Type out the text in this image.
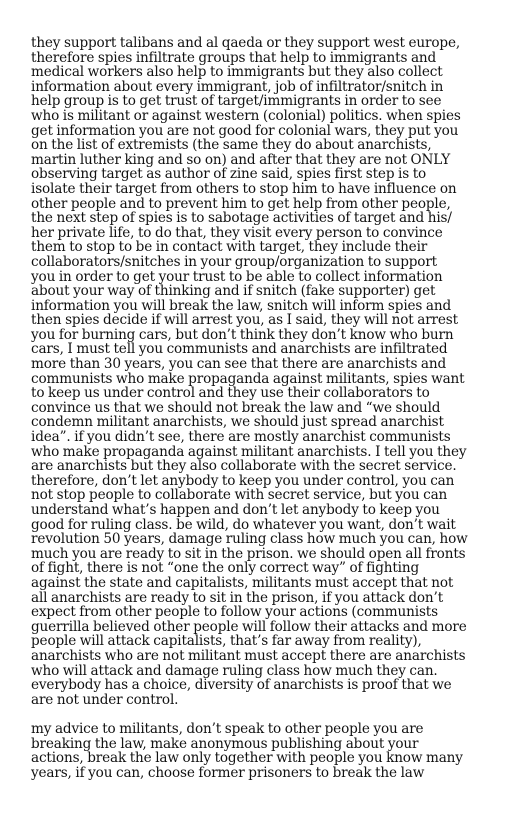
they support talibans and al qaeda or they support west europe,
therefore spies infiltrate groups that help to immigrants and
medical workers also help to immigrants but they also collect
information about every immigrant, job of infiltrator/snitch in
help group is to get trust of target/immigrants in order to see
who is militant or against western (colonial) politics. when spies
get information you are not good for colonial wars, they put you
on the list of extremists (the same they do about anarchists,
martin luther king and so on) and after that they are not ONLY
observing target as author of zine said, spies first step is to
isolate their target from others to stop him to have influence on
other people and to prevent him to get help from other people,
the next step of spies is to sabotage activities of target and his/
her private life, to do that, they visit every person to convince
them to stop to be in contact with target, they include their
collaborators/snitches in your group/organization to support
you in order to get your trust to be able to collect information
about your way of thinking and if snitch (fake supporter) get
information you will break the law, snitch will inform spies and
then spies decide if will arrest you, as I said, they will not arrest
you for burning cars, but don’t think they don’t know who burn
cars, I must tell you communists and anarchists are infiltrated
more than 30 years, you can see that there are anarchists and
communists who make propaganda against militants, spies want
to keep us under control and they use their collaborators to
convince us that we should not break the law and “we should
condemn militant anarchists, we should just spread anarchist
idea”. if you didn’t see, there are mostly anarchist communists
who make propaganda against militant anarchists. I tell you they
are anarchists but they also collaborate with the secret service.
therefore, don’t let anybody to keep you under control, you can
not stop people to collaborate with secret service, but you can
understand what’s happen and don’t let anybody to keep you
good for ruling class. be wild, do whatever you want, don’t wait
revolution 50 years, damage ruling class how much you can, how
much you are ready to sit in the prison. we should open all fronts
of fight, there is not “one the only correct way” of fighting
against the state and capitalists, militants must accept that not
all anarchists are ready to sit in the prison, if you attack don’t
expect from other people to follow your actions (communists
guerrilla believed other people will follow their attacks and more
people will attack capitalists, that’s far away from reality),
anarchists who are not militant must accept there are anarchists
who will attack and damage ruling class how much they can.
everybody has a choice, diversity of anarchists is proof that we
are not under control.
my advice to militants, don’t speak to other people you are
breaking the law, make anonymous publishing about your
actions, break the law only together with people you know many
years, if you can, choose former prisoners to break the law
